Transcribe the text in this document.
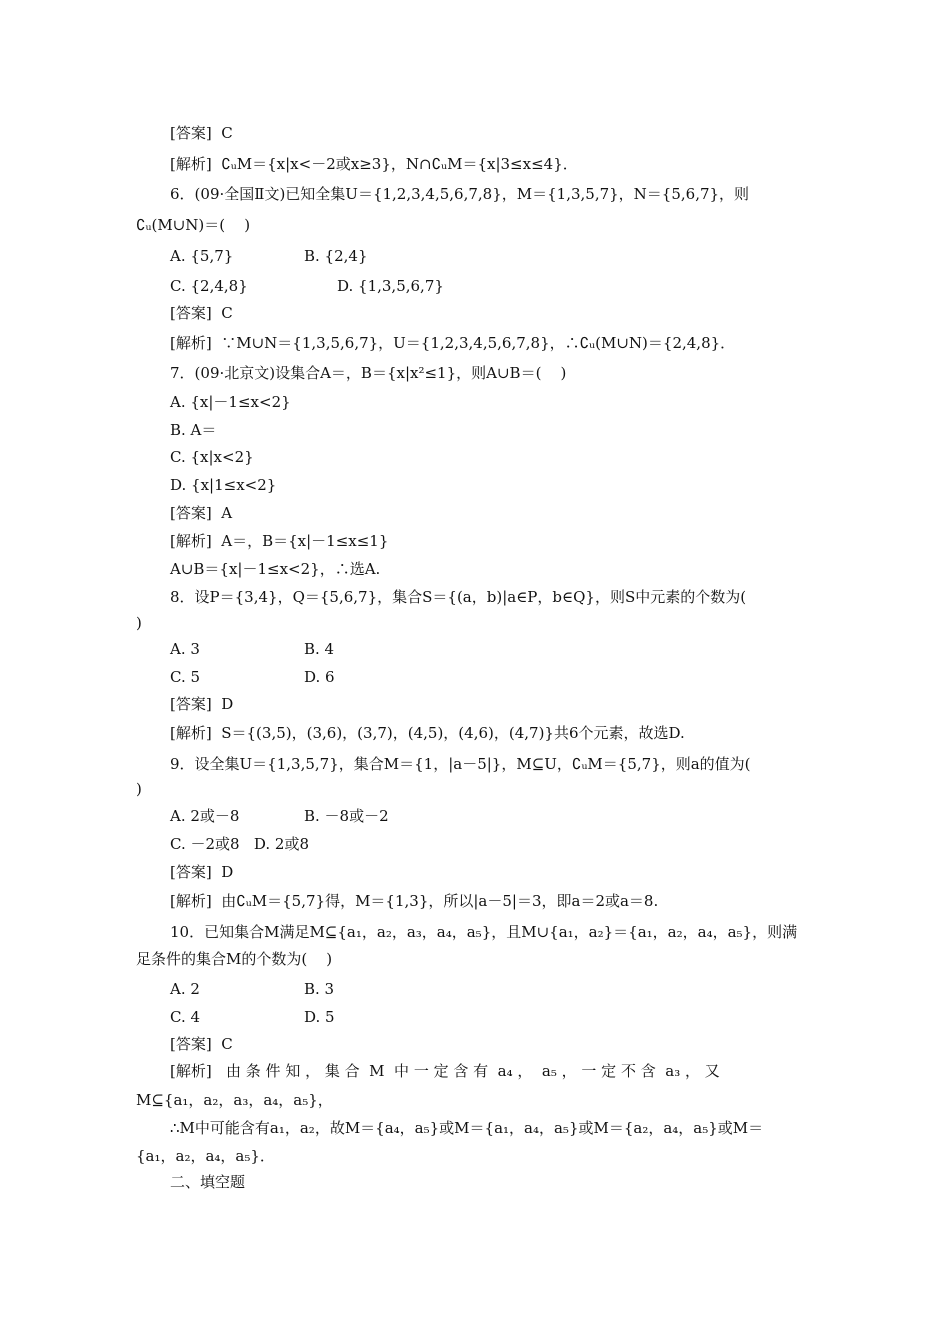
[答案]  C
[解析]  ∁ᵤM＝{x|x<－2或x≥3}，N∩∁ᵤM＝{x|3≤x≤4}．
6．(09·全国Ⅱ文)已知全集U＝{1,2,3,4,5,6,7,8}，M＝{1,3,5,7}，N＝{5,6,7}，则
∁ᵤ(M∪N)＝(    )
A. {5,7}	B. {2,4}
C. {2,4,8}	D. {1,3,5,6,7}
[答案]  C
[解析]  ∵M∪N＝{1,3,5,6,7}，U＝{1,2,3,4,5,6,7,8}，∴∁ᵤ(M∪N)＝{2,4,8}．
7．(09·北京文)设集合A＝，B＝{x|x²≤1}，则A∪B＝(    )
A. {x|－1≤x<2}
B. A＝
C. {x|x<2}
D. {x|1≤x<2}
[答案]  A
[解析]  A＝，B＝{x|－1≤x≤1}
A∪B＝{x|－1≤x<2}，∴选A.
8．设P＝{3,4}，Q＝{5,6,7}，集合S＝{(a，b)|a∈P，b∈Q}，则S中元素的个数为(
)
A. 3	B. 4
C. 5	D. 6
[答案]  D
[解析]  S＝{(3,5)，(3,6)，(3,7)，(4,5)，(4,6)，(4,7)}共6个元素，故选D.
9．设全集U＝{1,3,5,7}，集合M＝{1，|a－5|}，M⊆U，∁ᵤM＝{5,7}，则a的值为(
)
A. 2或－8	B. －8或－2
C. －2或8   D. 2或8
[答案]  D
[解析]  由∁ᵤM＝{5,7}得，M＝{1,3}，所以|a－5|＝3，即a＝2或a＝8.
10．已知集合M满足M⊆{a₁，a₂，a₃，a₄，a₅}，且M∪{a₁，a₂}＝{a₁，a₂，a₄，a₅}，则满
足条件的集合M的个数为(    )
A. 2	B. 3
C. 4	D. 5
[答案]  C
[解析]   由 条 件 知 ， 集 合  M  中 一 定 含 有  a₄ ，  a₅ ， 一 定 不 含  a₃ ， 又
M⊆{a₁，a₂，a₃，a₄，a₅}，
∴M中可能含有a₁，a₂，故M＝{a₄，a₅}或M＝{a₁，a₄，a₅}或M＝{a₂，a₄，a₅}或M＝
{a₁，a₂，a₄，a₅}．
二、填空题
